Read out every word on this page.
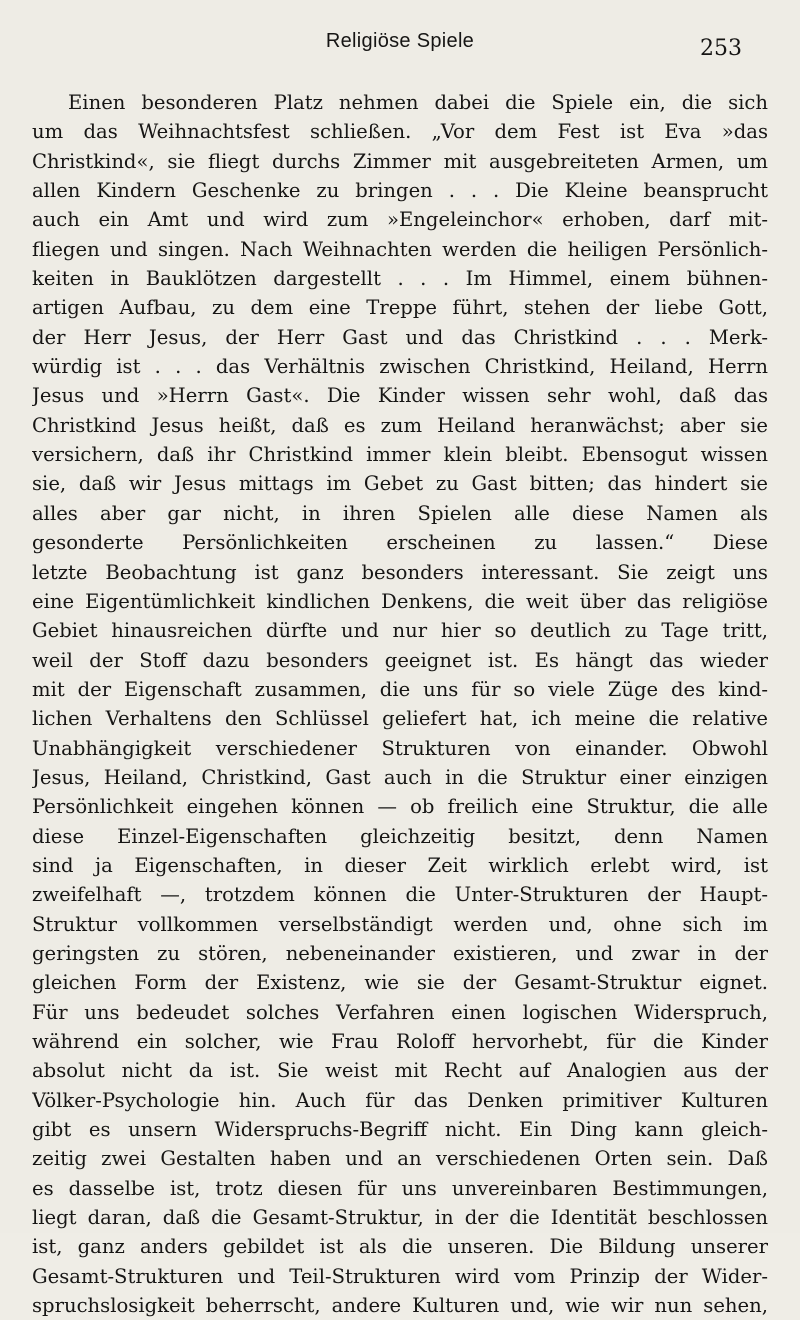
Religiöse Spiele	253
Einen besonderen Platz nehmen dabei die Spiele ein, die sich
um das Weihnachtsfest schließen. „Vor dem Fest ist Eva »das
Christkind«, sie fliegt durchs Zimmer mit ausgebreiteten Armen, um
allen Kindern Geschenke zu bringen . . . Die Kleine beansprucht
auch ein Amt und wird zum »Engeleinchor« erhoben, darf mit-
fliegen und singen. Nach Weihnachten werden die heiligen Persönlich-
keiten in Bauklötzen dargestellt . . . Im Himmel, einem bühnen-
artigen Aufbau, zu dem eine Treppe führt, stehen der liebe Gott,
der Herr Jesus, der Herr Gast und das Christkind . . . Merk-
würdig ist . . . das Verhältnis zwischen Christkind, Heiland, Herrn
Jesus und »Herrn Gast«. Die Kinder wissen sehr wohl, daß das
Christkind Jesus heißt, daß es zum Heiland heranwächst; aber sie
versichern, daß ihr Christkind immer klein bleibt. Ebensogut wissen
sie, daß wir Jesus mittags im Gebet zu Gast bitten; das hindert sie
alles aber gar nicht, in ihren Spielen alle diese Namen als
gesonderte Persönlichkeiten erscheinen zu lassen.“ Diese
letzte Beobachtung ist ganz besonders interessant. Sie zeigt uns
eine Eigentümlichkeit kindlichen Denkens, die weit über das religiöse
Gebiet hinausreichen dürfte und nur hier so deutlich zu Tage tritt,
weil der Stoff dazu besonders geeignet ist. Es hängt das wieder
mit der Eigenschaft zusammen, die uns für so viele Züge des kind-
lichen Verhaltens den Schlüssel geliefert hat, ich meine die relative
Unabhängigkeit verschiedener Strukturen von einander. Obwohl
Jesus, Heiland, Christkind, Gast auch in die Struktur einer einzigen
Persönlichkeit eingehen können — ob freilich eine Struktur, die alle
diese Einzel-Eigenschaften gleichzeitig besitzt, denn Namen
sind ja Eigenschaften, in dieser Zeit wirklich erlebt wird, ist
zweifelhaft —, trotzdem können die Unter-Strukturen der Haupt-
Struktur vollkommen verselbständigt werden und, ohne sich im
geringsten zu stören, nebeneinander existieren, und zwar in der
gleichen Form der Existenz, wie sie der Gesamt-Struktur eignet.
Für uns bedeudet solches Verfahren einen logischen Widerspruch,
während ein solcher, wie Frau Roloff hervorhebt, für die Kinder
absolut nicht da ist. Sie weist mit Recht auf Analogien aus der
Völker-Psychologie hin. Auch für das Denken primitiver Kulturen
gibt es unsern Widerspruchs-Begriff nicht. Ein Ding kann gleich-
zeitig zwei Gestalten haben und an verschiedenen Orten sein. Daß
es dasselbe ist, trotz diesen für uns unvereinbaren Bestimmungen,
liegt daran, daß die Gesamt-Struktur, in der die Identität beschlossen
ist, ganz anders gebildet ist als die unseren. Die Bildung unserer
Gesamt-Strukturen und Teil-Strukturen wird vom Prinzip der Wider-
spruchslosigkeit beherrscht, andere Kulturen und, wie wir nun sehen,
